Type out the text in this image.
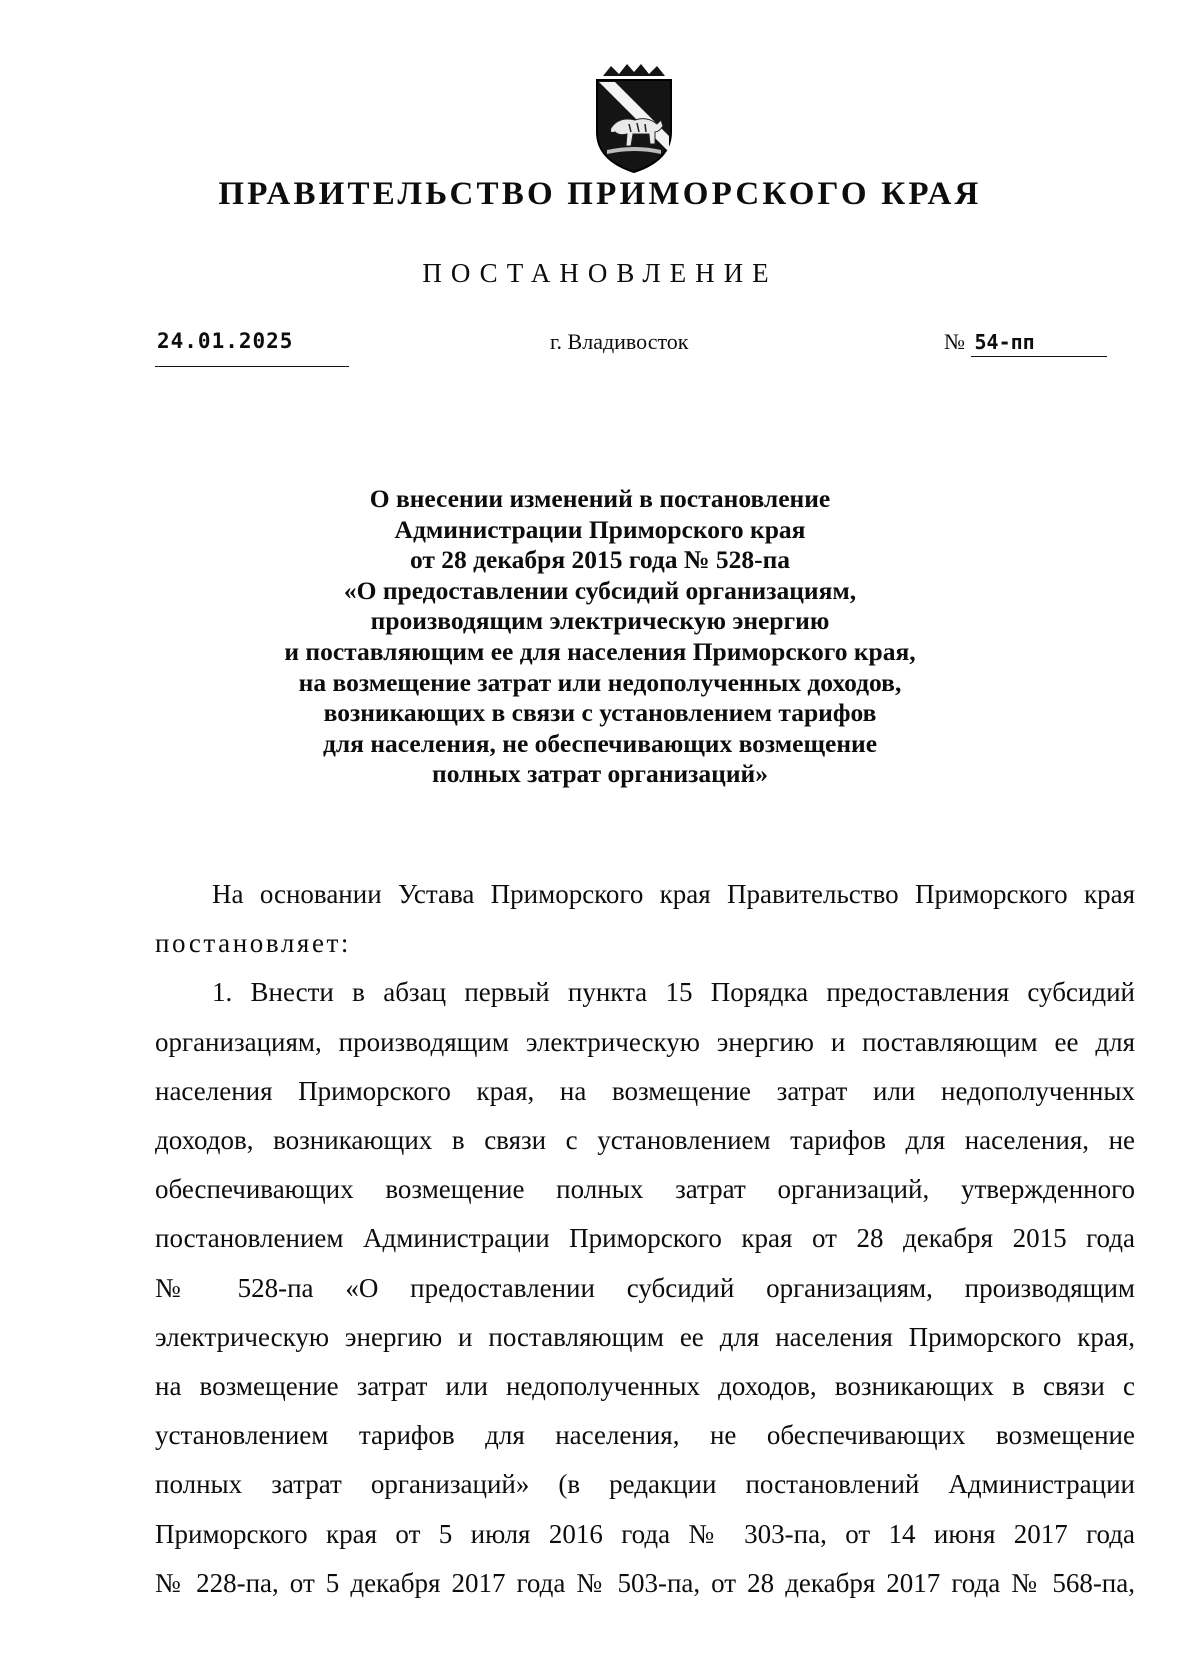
ПРАВИТЕЛЬСТВО ПРИМОРСКОГО КРАЯ
ПОСТАНОВЛЕНИЕ
24.01.2025	г. Владивосток	№ 54-пп
О внесении изменений в постановление
Администрации Приморского края
от 28 декабря 2015 года № 528-па
«О предоставлении субсидий организациям,
производящим электрическую энергию
и поставляющим ее для населения Приморского края,
на возмещение затрат или недополученных доходов,
возникающих в связи с установлением тарифов
для населения, не обеспечивающих возмещение
полных затрат организаций»
На основании Устава Приморского края Правительство Приморского края
постановляет:
1. Внести в абзац первый пункта 15 Порядка предоставления субсидий
организациям, производящим электрическую энергию и поставляющим ее для
населения Приморского края, на возмещение затрат или недополученных
доходов, возникающих в связи с установлением тарифов для населения, не
обеспечивающих возмещение полных затрат организаций, утвержденного
постановлением Администрации Приморского края от 28 декабря 2015 года
№ 528-па «О предоставлении субсидий организациям, производящим
электрическую энергию и поставляющим ее для населения Приморского края,
на возмещение затрат или недополученных доходов, возникающих в связи с
установлением тарифов для населения, не обеспечивающих возмещение
полных затрат организаций» (в редакции постановлений Администрации
Приморского края от 5 июля 2016 года № 303-па, от 14 июня 2017 года
№ 228-па, от 5 декабря 2017 года № 503-па, от 28 декабря 2017 года № 568-па,
